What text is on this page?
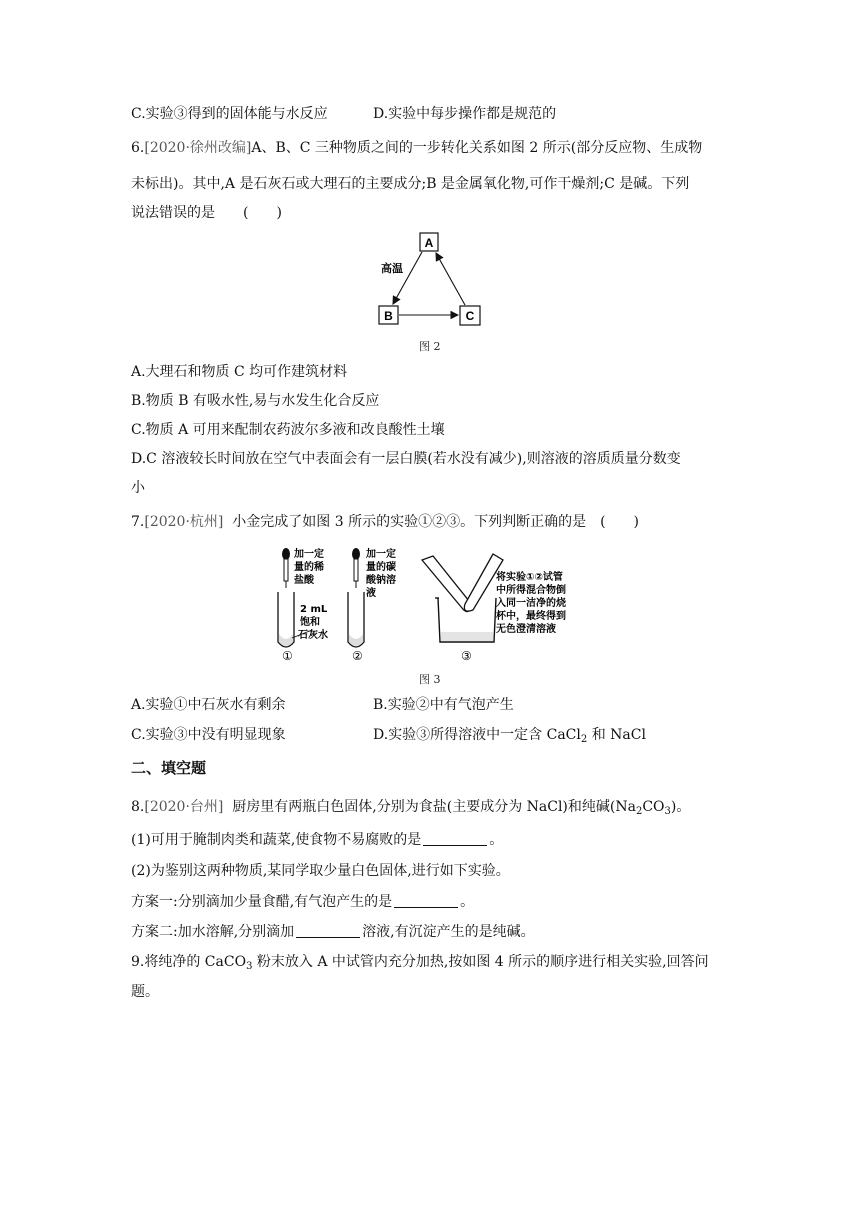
C.实验③得到的固体能与水反应	D.实验中每步操作都是规范的
6.[2020·徐州改编]A、B、C 三种物质之间的一步转化关系如图 2 所示(部分反应物、生成物
未标出)。其中,A 是石灰石或大理石的主要成分;B 是金属氧化物,可作干燥剂;C 是碱。下列
说法错误的是　　(　　)
A
B	C
高温
图 2
A.大理石和物质 C 均可作建筑材料
B.物质 B 有吸水性,易与水发生化合反应
C.物质 A 可用来配制农药波尔多液和改良酸性土壤
D.C 溶液较长时间放在空气中表面会有一层白膜(若水没有减少),则溶液的溶质质量分数变
小
7.[2020·杭州] 小金完成了如图 3 所示的实验①②③。下列判断正确的是　(　　)
加一定量的稀盐酸
2 mL 饱和石灰水
①
加一定量的碳酸钠溶液
②	③
将实验①②试管中所得混合物倒入同一洁净的烧杯中，最终得到无色澄清溶液
图 3
A.实验①中石灰水有剩余	B.实验②中有气泡产生
C.实验③中没有明显现象	D.实验③所得溶液中一定含 CaCl$_2$ 和 NaCl
二、填空题
8.[2020·台州] 厨房里有两瓶白色固体,分别为食盐(主要成分为 NaCl)和纯碱$(Na_2CO_3)$。
(1)可用于腌制肉类和蔬菜,使食物不易腐败的是	。
(2)为鉴别这两种物质,某同学取少量白色固体,进行如下实验。
方案一:分别滴加少量食醋,有气泡产生的是	。
方案二:加水溶解,分别滴加	溶液,有沉淀产生的是纯碱。
9.将纯净的 CaCO$_3$ 粉末放入 A 中试管内充分加热,按如图 4 所示的顺序进行相关实验,回答问
题。
